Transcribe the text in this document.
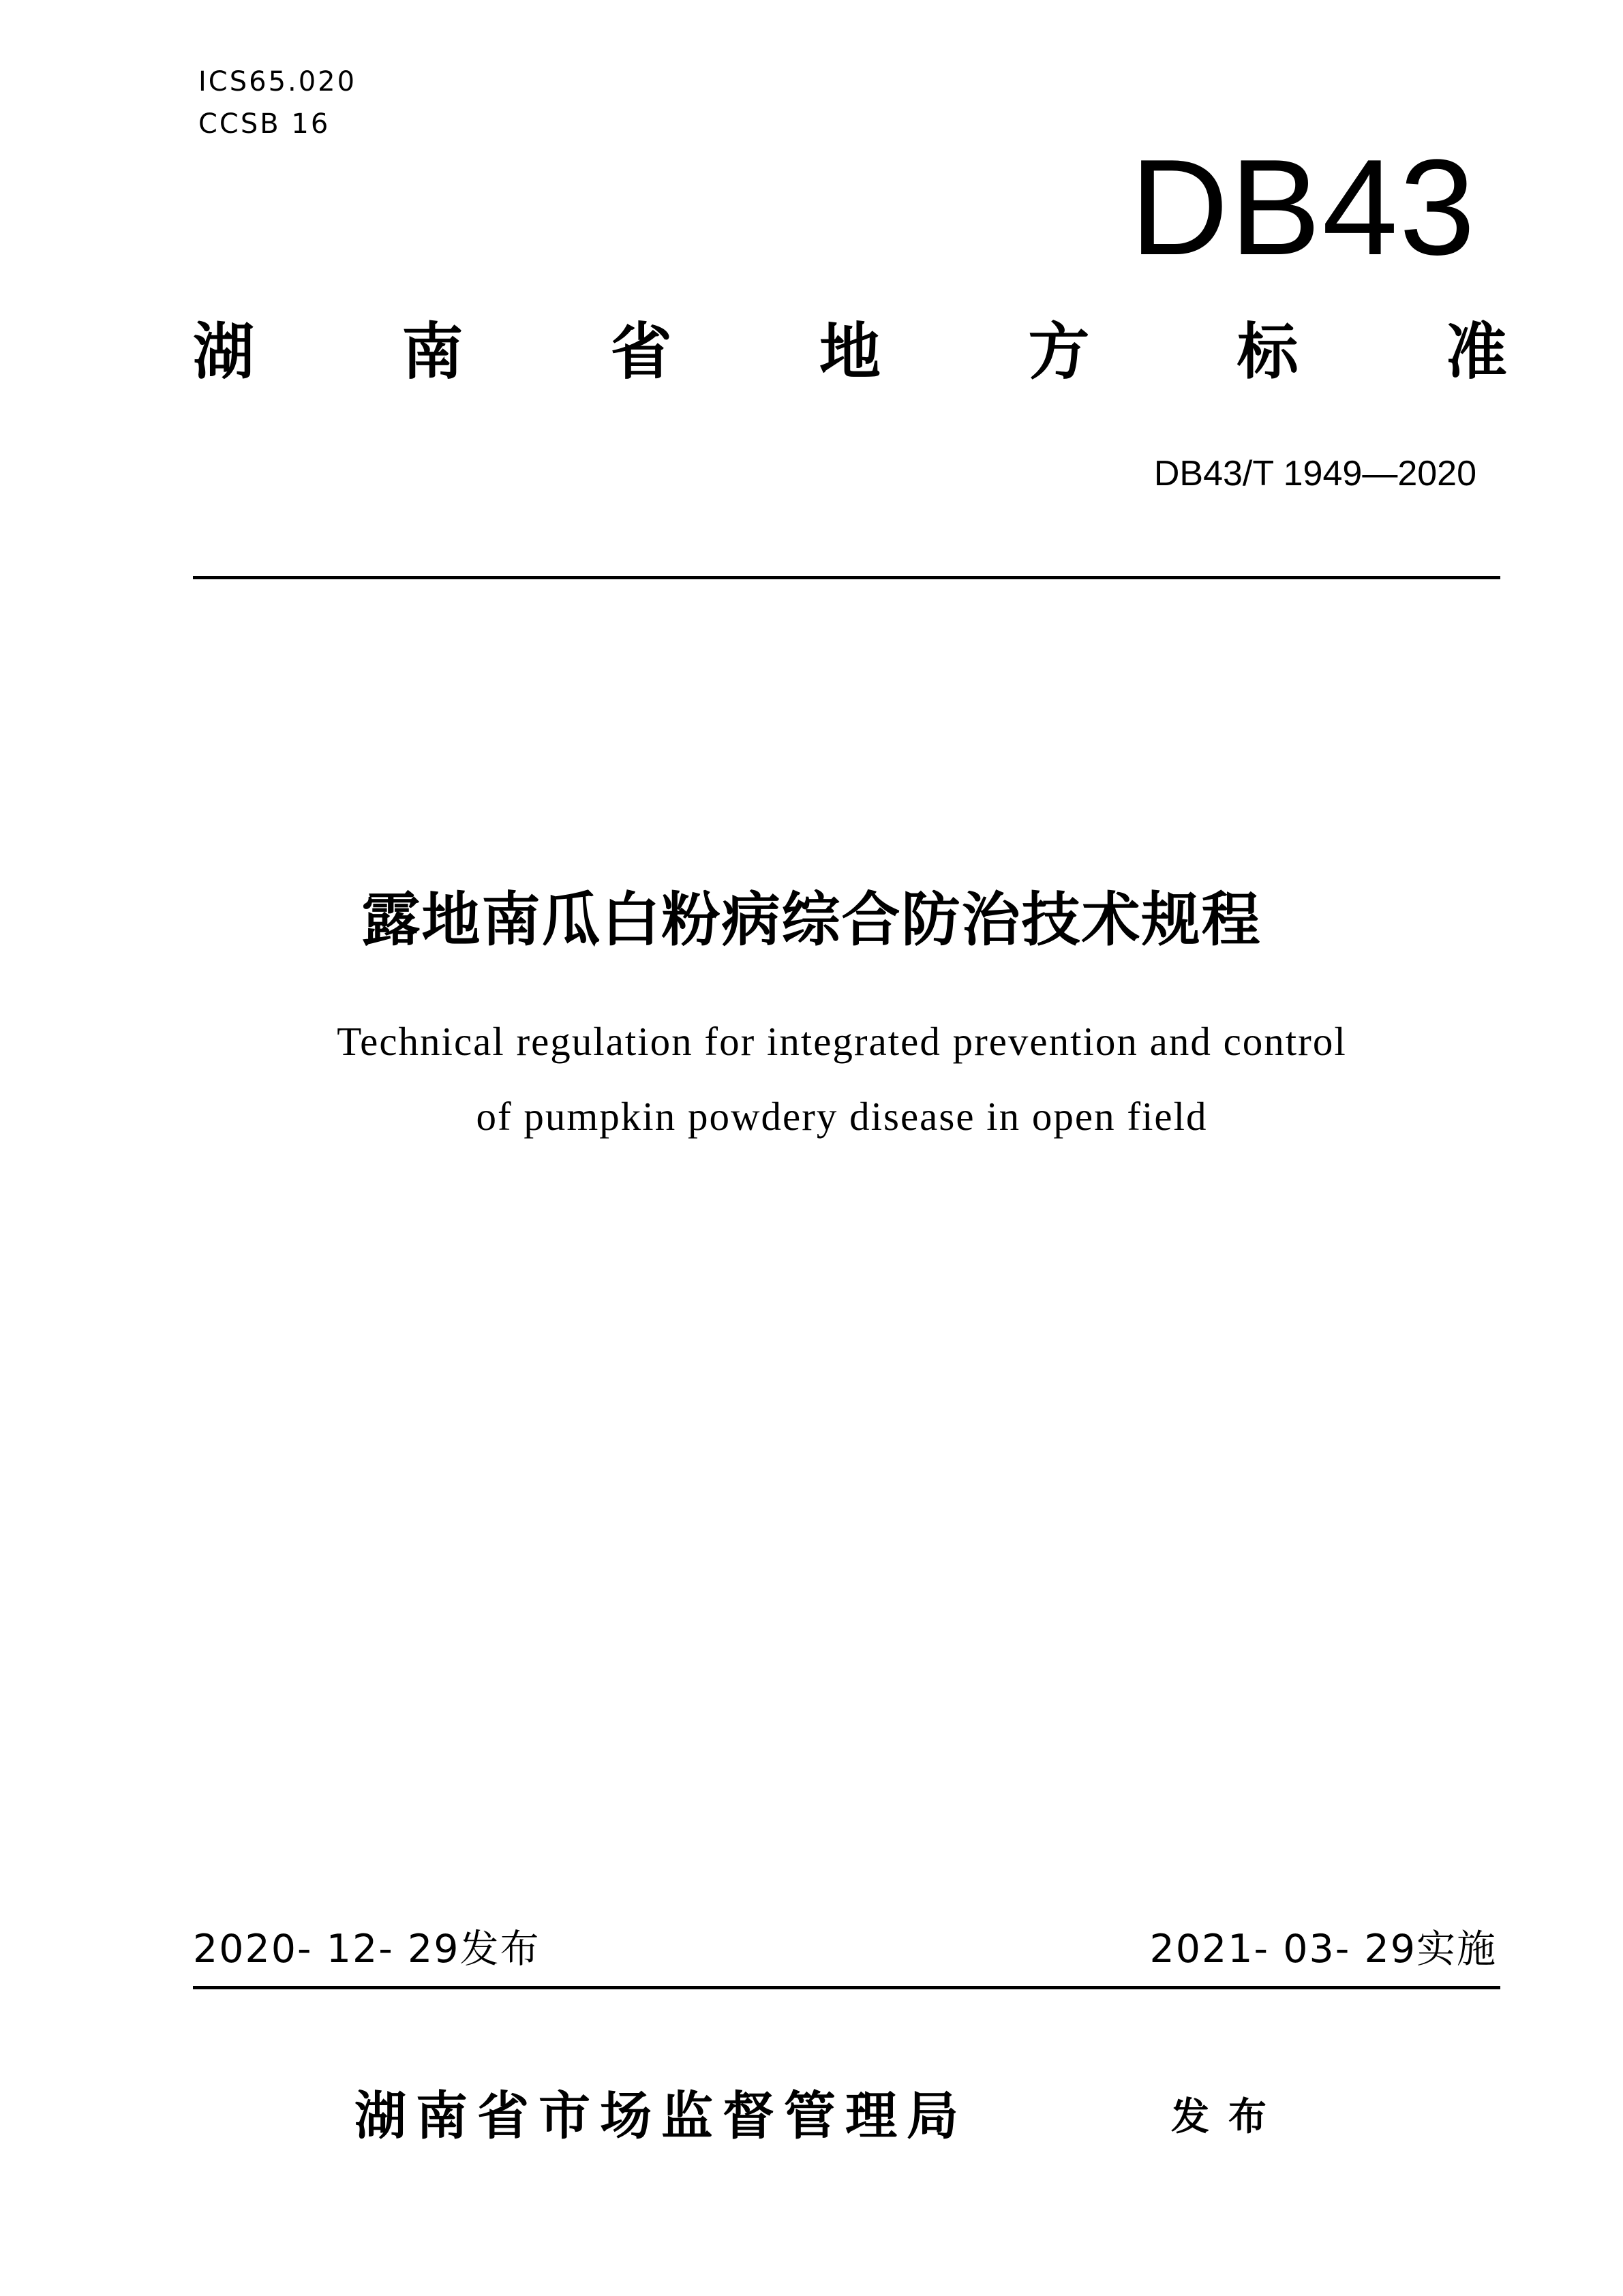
ICS65.020
CCSB 16
DB43
湖 南 省 地 方 标 准
DB43/T 1949—2020
露地南瓜白粉病综合防治技术规程
Technical regulation for integrated prevention and control
of pumpkin powdery disease in open field
2020- 12- 29发布	2021- 03- 29实施
湖南省市场监督管理局	发布
